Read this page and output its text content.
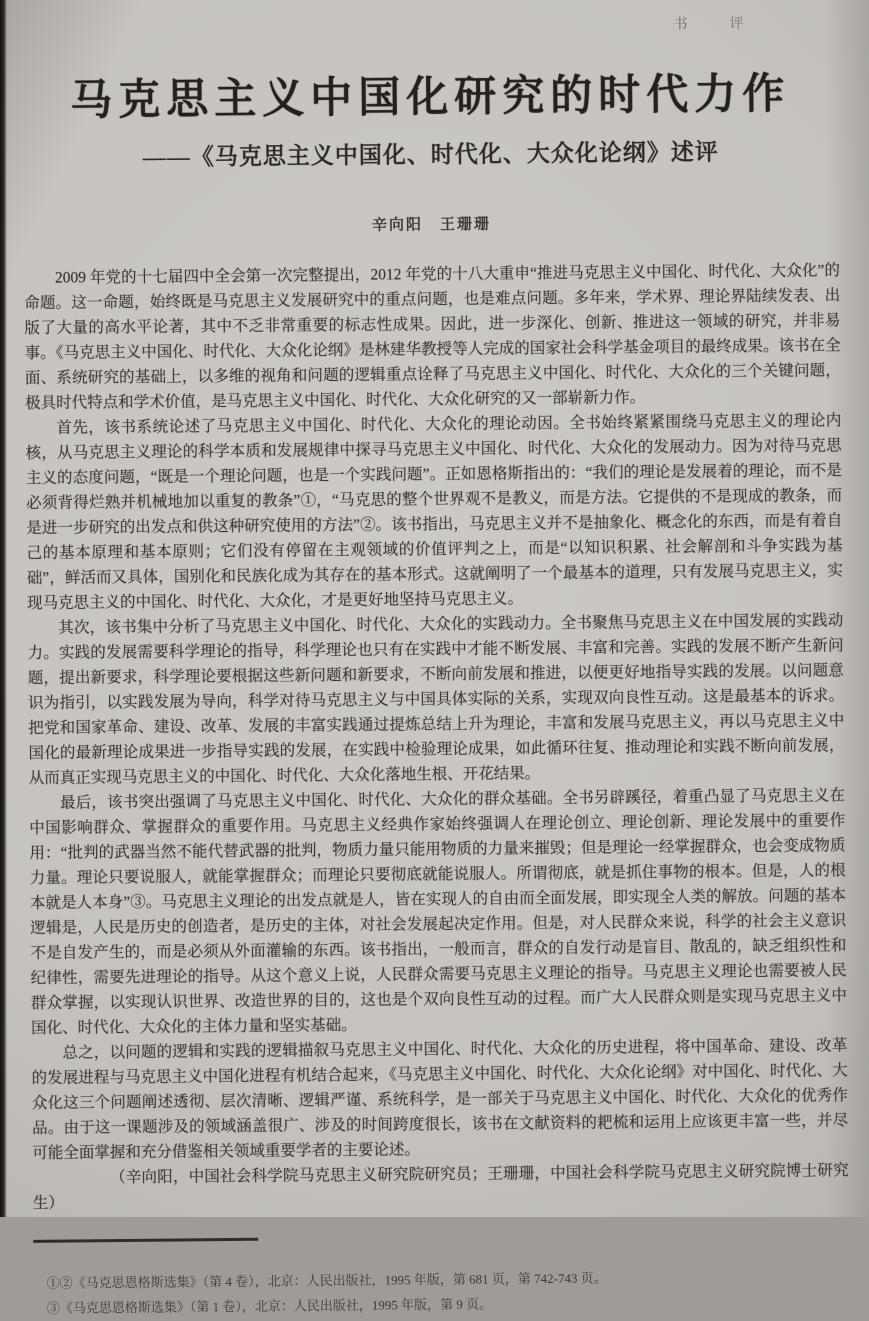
书　评
马克思主义中国化研究的时代力作
——《马克思主义中国化、时代化、大众化论纲》述评
辛向阳　王珊珊

2009 年党的十七届四中全会第一次完整提出，2012 年党的十八大重申“推进马克思主义中国化、时代化、大众化”的命题。这一命题，始终既是马克思主义发展研究中的重点问题，也是难点问题。多年来，学术界、理论界陆续发表、出版了大量的高水平论著，其中不乏非常重要的标志性成果。因此，进一步深化、创新、推进这一领域的研究，并非易事。《马克思主义中国化、时代化、大众化论纲》是林建华教授等人完成的国家社会科学基金项目的最终成果。该书在全面、系统研究的基础上，以多维的视角和问题的逻辑重点诠释了马克思主义中国化、时代化、大众化的三个关键问题，极具时代特点和学术价值，是马克思主义中国化、时代化、大众化研究的又一部崭新力作。

首先，该书系统论述了马克思主义中国化、时代化、大众化的理论动因。全书始终紧紧围绕马克思主义的理论内核，从马克思主义理论的科学本质和发展规律中探寻马克思主义中国化、时代化、大众化的发展动力。因为对待马克思主义的态度问题，“既是一个理论问题，也是一个实践问题”。正如恩格斯指出的：“我们的理论是发展着的理论，而不是必须背得烂熟并机械地加以重复的教条”①，“马克思的整个世界观不是教义，而是方法。它提供的不是现成的教条，而是进一步研究的出发点和供这种研究使用的方法”②。该书指出，马克思主义并不是抽象化、概念化的东西，而是有着自己的基本原理和基本原则；它们没有停留在主观领域的价值评判之上，而是“以知识积累、社会解剖和斗争实践为基础”，鲜活而又具体，国别化和民族化成为其存在的基本形式。这就阐明了一个最基本的道理，只有发展马克思主义，实现马克思主义的中国化、时代化、大众化，才是更好地坚持马克思主义。

其次，该书集中分析了马克思主义中国化、时代化、大众化的实践动力。全书聚焦马克思主义在中国发展的实践动力。实践的发展需要科学理论的指导，科学理论也只有在实践中才能不断发展、丰富和完善。实践的发展不断产生新问题，提出新要求，科学理论要根据这些新问题和新要求，不断向前发展和推进，以便更好地指导实践的发展。以问题意识为指引，以实践发展为导向，科学对待马克思主义与中国具体实际的关系，实现双向良性互动。这是最基本的诉求。把党和国家革命、建设、改革、发展的丰富实践通过提炼总结上升为理论，丰富和发展马克思主义，再以马克思主义中国化的最新理论成果进一步指导实践的发展，在实践中检验理论成果，如此循环往复、推动理论和实践不断向前发展，从而真正实现马克思主义的中国化、时代化、大众化落地生根、开花结果。

最后，该书突出强调了马克思主义中国化、时代化、大众化的群众基础。全书另辟蹊径，着重凸显了马克思主义在中国影响群众、掌握群众的重要作用。马克思主义经典作家始终强调人在理论创立、理论创新、理论发展中的重要作用：“批判的武器当然不能代替武器的批判，物质力量只能用物质的力量来摧毁；但是理论一经掌握群众，也会变成物质力量。理论只要说服人，就能掌握群众；而理论只要彻底就能说服人。所谓彻底，就是抓住事物的根本。但是，人的根本就是人本身”③。马克思主义理论的出发点就是人，皆在实现人的自由而全面发展，即实现全人类的解放。问题的基本逻辑是，人民是历史的创造者，是历史的主体，对社会发展起决定作用。但是，对人民群众来说，科学的社会主义意识不是自发产生的，而是必须从外面灌输的东西。该书指出，一般而言，群众的自发行动是盲目、散乱的，缺乏组织性和纪律性，需要先进理论的指导。从这个意义上说，人民群众需要马克思主义理论的指导。马克思主义理论也需要被人民群众掌握，以实现认识世界、改造世界的目的，这也是个双向良性互动的过程。而广大人民群众则是实现马克思主义中国化、时代化、大众化的主体力量和坚实基础。

总之，以问题的逻辑和实践的逻辑描叙马克思主义中国化、时代化、大众化的历史进程，将中国革命、建设、改革的发展进程与马克思主义中国化进程有机结合起来，《马克思主义中国化、时代化、大众化论纲》对中国化、时代化、大众化这三个问题阐述透彻、层次清晰、逻辑严谨、系统科学，是一部关于马克思主义中国化、时代化、大众化的优秀作品。由于这一课题涉及的领域涵盖很广、涉及的时间跨度很长，该书在文献资料的耙梳和运用上应该更丰富一些，并尽可能全面掌握和充分借鉴相关领域重要学者的主要论述。

（辛向阳，中国社会科学院马克思主义研究院研究员；王珊珊，中国社会科学院马克思主义研究院博士研究生）

①②《马克思恩格斯选集》（第 4 卷），北京：人民出版社，1995 年版，第 681 页，第 742-743 页。

③《马克思恩格斯选集》（第 1 卷），北京：人民出版社，1995 年版，第 9 页。
